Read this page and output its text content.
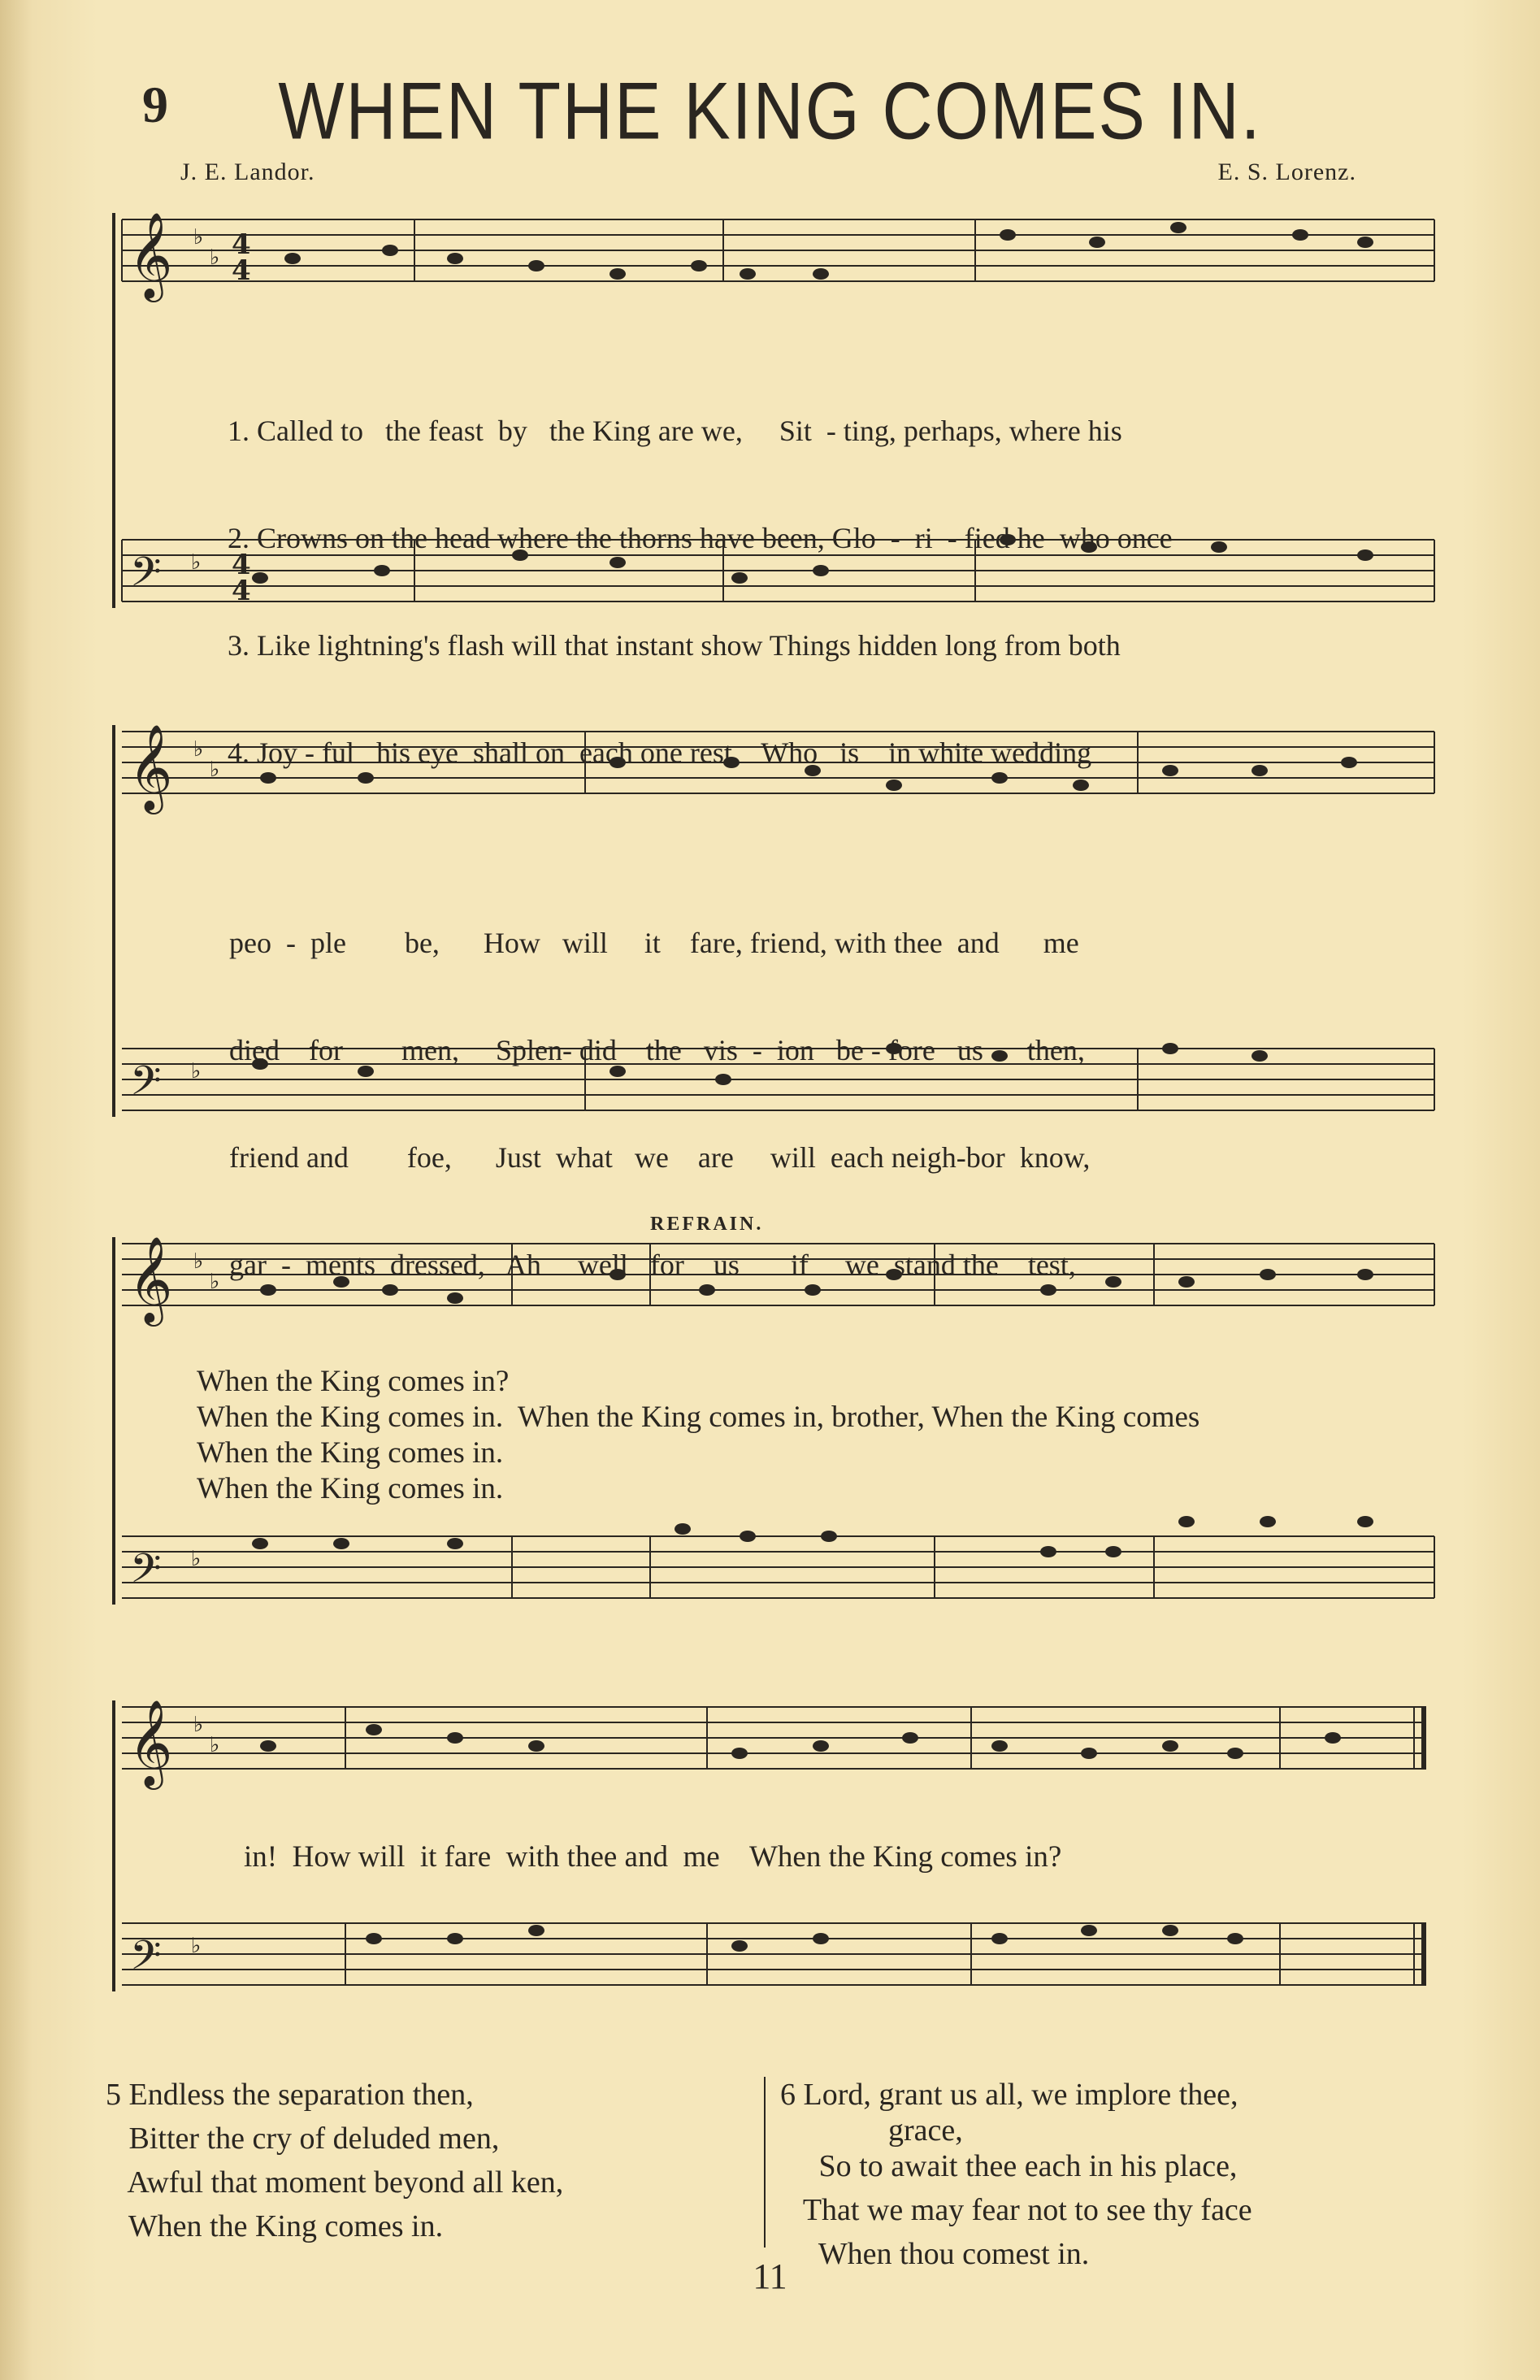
9	WHEN THE KING COMES IN.
J. E. Landor.	E. S. Lorenz.
𝄞
𝄞
𝄞
𝄞
𝄢
𝄢
𝄢
𝄢
♭
♭
♭
♭
♭
♭
♭
♭
♭
♭
♭
♭
4
4
4
4

1. Called to   the feast  by   the King are we,     Sit  - ting, perhaps, where his

2. Crowns on the head where the thorns have been, Glo  -  ri  - fied he  who once

3. Like lightning's flash will that instant show Things hidden long from both

4. Joy - ful   his eye  shall on  each one rest    Who   is    in white wedding

peo  -  ple        be,      How   will     it    fare, friend, with thee  and      me

died    for        men,     Splen- did    the   vis  -  ion   be - fore   us      then,

friend and        foe,      Just  what   we    are     will  each neigh-bor  know,

gar  -  ments  dressed,   Ah     well   for    us       if     we  stand the    test,

REFRAIN.
When the King comes in?
When the King comes in.  When the King comes in, brother, When the King comes
When the King comes in.
When the King comes in.
in!  How will  it fare  with thee and  me    When the King comes in?
5 Endless the separation then,
Bitter the cry of deluded men,
Awful that moment beyond all ken,
When the King comes in.
6 Lord, grant us all, we implore thee,
grace,
So to await thee each in his place,
That we may fear not to see thy face
When thou comest in.
11
